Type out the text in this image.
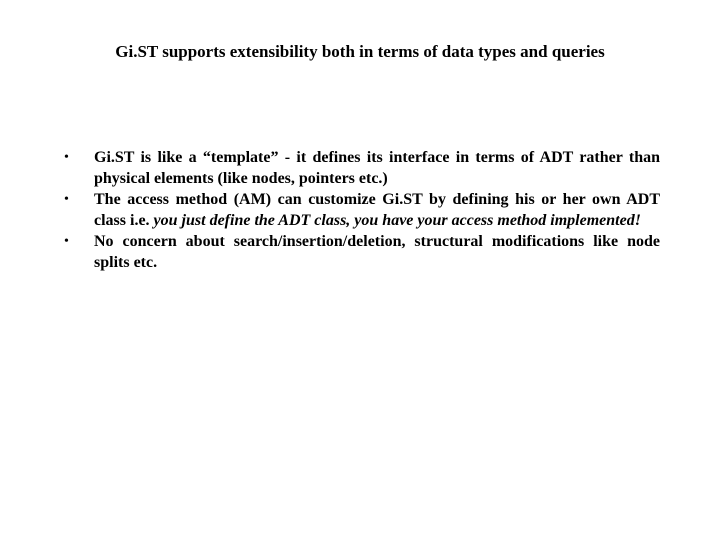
Gi.ST supports extensibility both in terms of data types and queries
• Gi.ST is like a “template” - it defines its interface in terms of ADT rather than physical elements (like nodes, pointers etc.)
• The access method (AM) can customize Gi.ST by defining his or her own ADT class i.e. you just define the ADT class, you have your access method implemented!
• No concern about search/insertion/deletion, structural modifications like node splits etc.
